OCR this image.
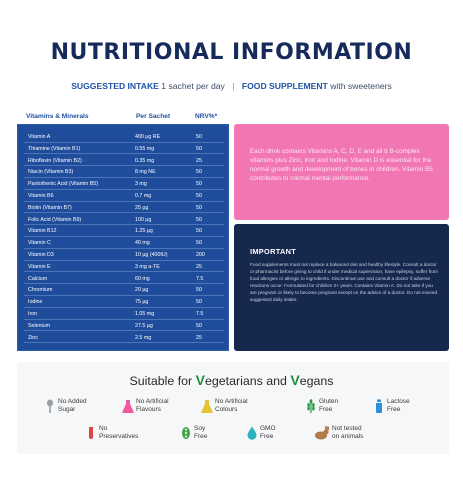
NUTRITIONAL INFORMATION
SUGGESTED INTAKE 1 sachet per day | FOOD SUPPLEMENT with sweeteners
Vitamins & Minerals	Per Sachet	NRV%*
Vitamin A	400 µg RE	50
Thiamine (Vitamin B1)	0.55 mg	50
Riboflavin (Vitamin B2)	0.35 mg	25
Niacin (Vitamin B3)	8 mg NE	50
Pantothenic Acid (Vitamin B5)	3 mg	50
Vitamin B6	0.7 mg	50
Biotin (Vitamin B7)	25 µg	50
Folic Acid (Vitamin B9)	100 µg	50
Vitamin B12	1.25 µg	50
Vitamin C	40 mg	50
Vitamin D3	10 µg (400IU)	200
Vitamin E	3 mg a-TE	25
Calcium	60 mg	7.5
Chromium	20 µg	50
Iodine	75 µg	50
Iron	1.05 mg	7.5
Selenium	27.5 µg	50
Zinc	2.5 mg	25

Each drink contains Vitamins A, C, D, E and all 8 B-complex vitamins plus Zinc, Iron and Iodine. Vitamin D is essential for the normal growth and development of bones in children. Vitamin B5 contributes to normal mental performance.

IMPORTANT

Food supplements must not replace a balanced diet and healthy lifestyle. Consult a doctor or pharmacist before giving to child if under medical supervision, have epilepsy, suffer from food allergies or allergic to ingredients. Discontinue use and consult a doctor if adverse reactions occur. Formulated for children 2+ years. Contains Vitamin A. Do not take if you are pregnant or likely to become pregnant except on the advice of a doctor. Do not exceed suggested daily intake.

Suitable for Vegetarians and Vegans
No Added
Sugar
No Artificial
Flavours
No Artificial
Colours
Gluten
Free
Lactose
Free
No
Preservatives
Soy
Free
GMO
Free
Not tested
on animals
